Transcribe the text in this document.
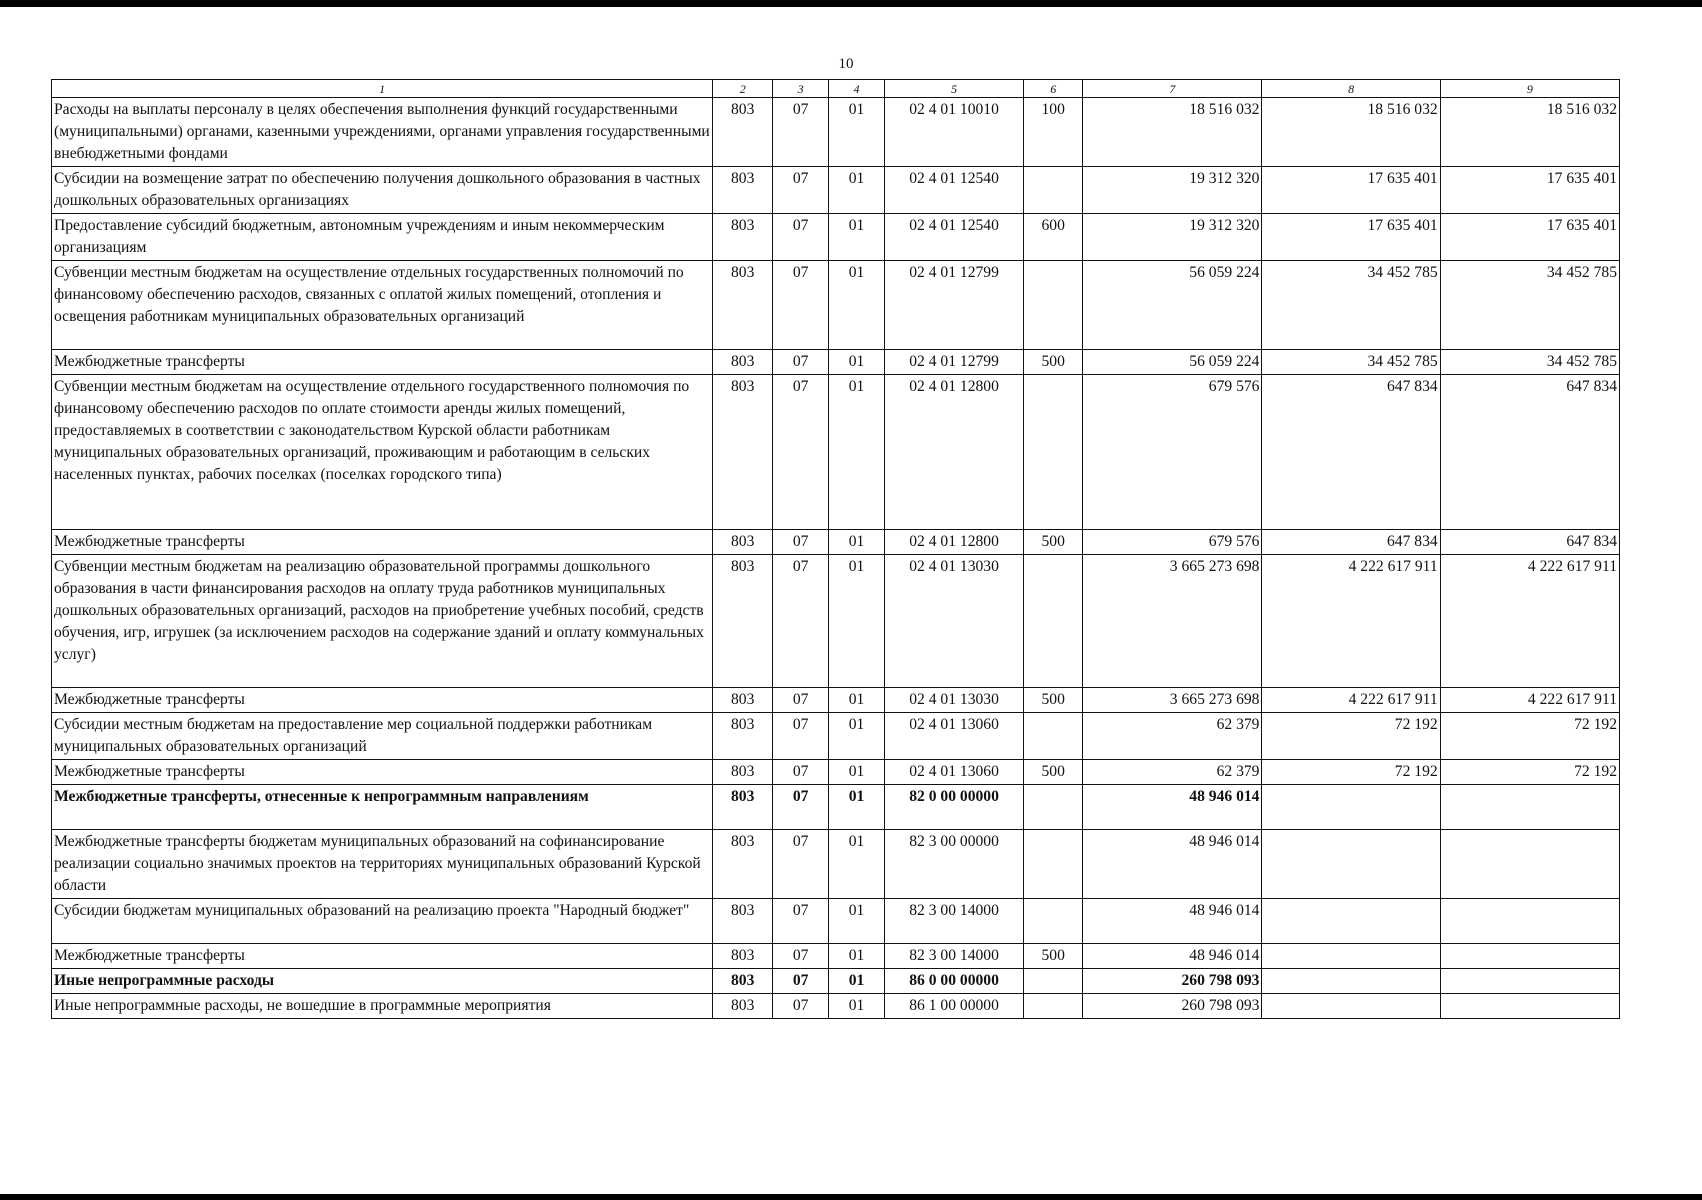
10
1	2	3	4	5	6	7	8	9
Расходы на выплаты персоналу в целях обеспечения выполнения функций государственными (муниципальными) органами, казенными учреждениями, органами управления государственными внебюджетными фондами	803	07	01	02 4 01 10010	100	18 516 032	18 516 032	18 516 032
Субсидии на возмещение затрат по обеспечению получения дошкольного образования в частных дошкольных образовательных организациях	803	07	01	02 4 01 12540		19 312 320	17 635 401	17 635 401
Предоставление субсидий бюджетным, автономным учреждениям и иным некоммерческим организациям	803	07	01	02 4 01 12540	600	19 312 320	17 635 401	17 635 401
Субвенции местным бюджетам на осуществление отдельных государственных полномочий по финансовому обеспечению расходов, связанных с оплатой жилых помещений, отопления и освещения работникам муниципальных образовательных организаций	803	07	01	02 4 01 12799		56 059 224	34 452 785	34 452 785
Межбюджетные трансферты	803	07	01	02 4 01 12799	500	56 059 224	34 452 785	34 452 785
Субвенции местным бюджетам на осуществление отдельного государственного полномочия по финансовому обеспечению расходов по оплате стоимости аренды жилых помещений, предоставляемых в соответствии с законодательством Курской области работникам муниципальных образовательных организаций, проживающим и работающим в сельских населенных пунктах, рабочих поселках (поселках городского типа)	803	07	01	02 4 01 12800		679 576	647 834	647 834
Межбюджетные трансферты	803	07	01	02 4 01 12800	500	679 576	647 834	647 834
Субвенции местным бюджетам на реализацию образовательной программы дошкольного образования в части финансирования расходов на оплату труда работников муниципальных дошкольных образовательных организаций, расходов на приобретение учебных пособий, средств обучения, игр, игрушек (за исключением расходов на содержание зданий и оплату коммунальных услуг)	803	07	01	02 4 01 13030		3 665 273 698	4 222 617 911	4 222 617 911
Межбюджетные трансферты	803	07	01	02 4 01 13030	500	3 665 273 698	4 222 617 911	4 222 617 911
Субсидии местным бюджетам на предоставление мер социальной поддержки работникам муниципальных образовательных организаций	803	07	01	02 4 01 13060		62 379	72 192	72 192
Межбюджетные трансферты	803	07	01	02 4 01 13060	500	62 379	72 192	72 192
Межбюджетные трансферты, отнесенные к непрограммным направлениям	803	07	01	82 0 00 00000		48 946 014		
Межбюджетные трансферты бюджетам муниципальных образований на софинансирование реализации социально значимых проектов на территориях муниципальных образований Курской области	803	07	01	82 3 00 00000		48 946 014		
Субсидии бюджетам муниципальных образований на реализацию проекта "Народный бюджет"	803	07	01	82 3 00 14000		48 946 014		
Межбюджетные трансферты	803	07	01	82 3 00 14000	500	48 946 014		
Иные непрограммные расходы	803	07	01	86 0 00 00000		260 798 093		
Иные непрограммные расходы, не вошедшие в программные мероприятия	803	07	01	86 1 00 00000		260 798 093		
